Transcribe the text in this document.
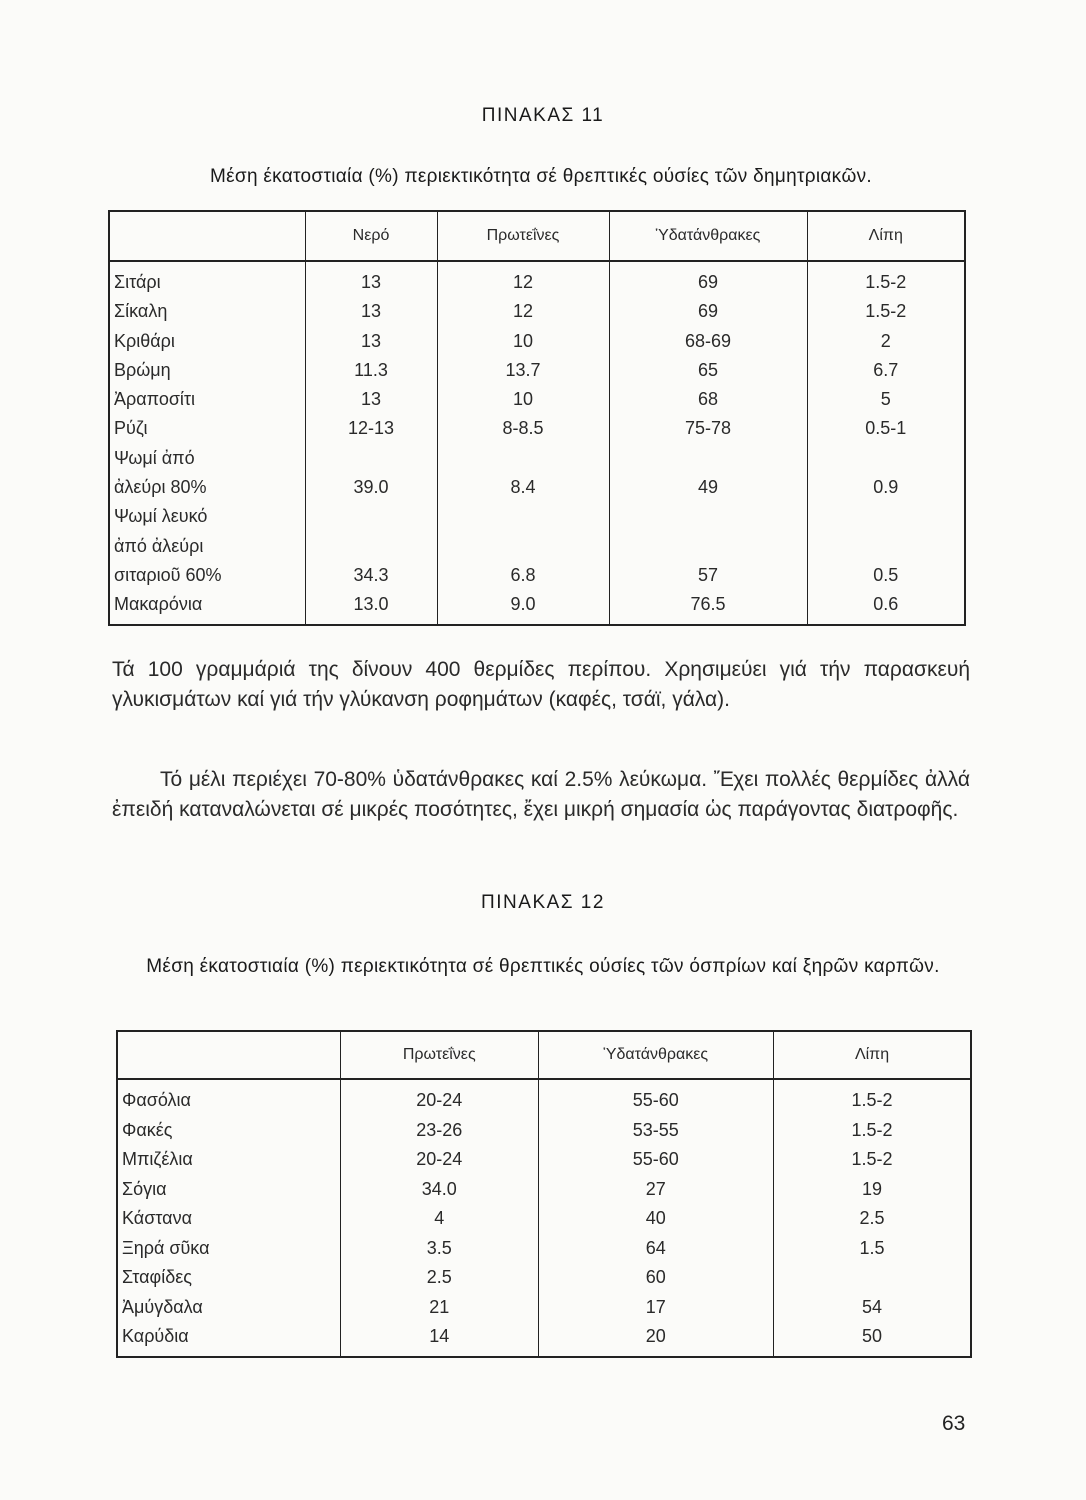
ΠΙΝΑΚΑΣ 11
Μέση έκατοστιαία (%) περιεκτικότητα σέ θρεπτικές ούσίες τῶν δημητριακῶν.
	Νερό	Πρωτεΐνες	Ὑδατάνθρακες	Λίπη
Σιτάρι	13	12	69	1.5-2
Σίκαλη	13	12	69	1.5-2
Κριθάρι	13	10	68-69	2
Βρώμη	11.3	13.7	65	6.7
Ἀραποσίτι	13	10	68	5
Ρύζι	12-13	8-8.5	75-78	0.5-1
Ψωμί ἀπό
ἀλεύρι 80%	39.0	8.4	49	0.9
Ψωμί λευκό
ἀπό ἀλεύρι
σιταριοῦ 60%	34.3	6.8	57	0.5
Μακαρόνια	13.0	9.0	76.5	0.6

Τά 100 γραμμάριά της δίνουν 400 θερμίδες περίπου. Χρησιμεύει γιά τήν παρασκευή γλυκισμάτων καί γιά τήν γλύκανση ροφημάτων (καφές, τσάϊ, γάλα).

Τό μέλι περιέχει 70-80% ὑδατάνθρακες καί 2.5% λεύκωμα. Ἔχει πολλές θερμίδες ἀλλά ἐπειδή καταναλώνεται σέ μικρές ποσότητες, ἔχει μικρή σημασία ὡς παράγοντας διατροφῆς.

ΠΙΝΑΚΑΣ 12
Μέση έκατοστιαία (%) περιεκτικότητα σέ θρεπτικές ούσίες τῶν όσπρίων καί ξηρῶν καρπῶν.
	Πρωτεΐνες	Ὑδατάνθρακες	Λίπη
Φασόλια	20-24	55-60	1.5-2
Φακές	23-26	53-55	1.5-2
Μπιζέλια	20-24	55-60	1.5-2
Σόγια	34.0	27	19
Κάστανα	4	40	2.5
Ξηρά σῦκα	3.5	64	1.5
Σταφίδες	2.5	60	
Ἀμύγδαλα	21	17	54
Καρύδια	14	20	50
63
